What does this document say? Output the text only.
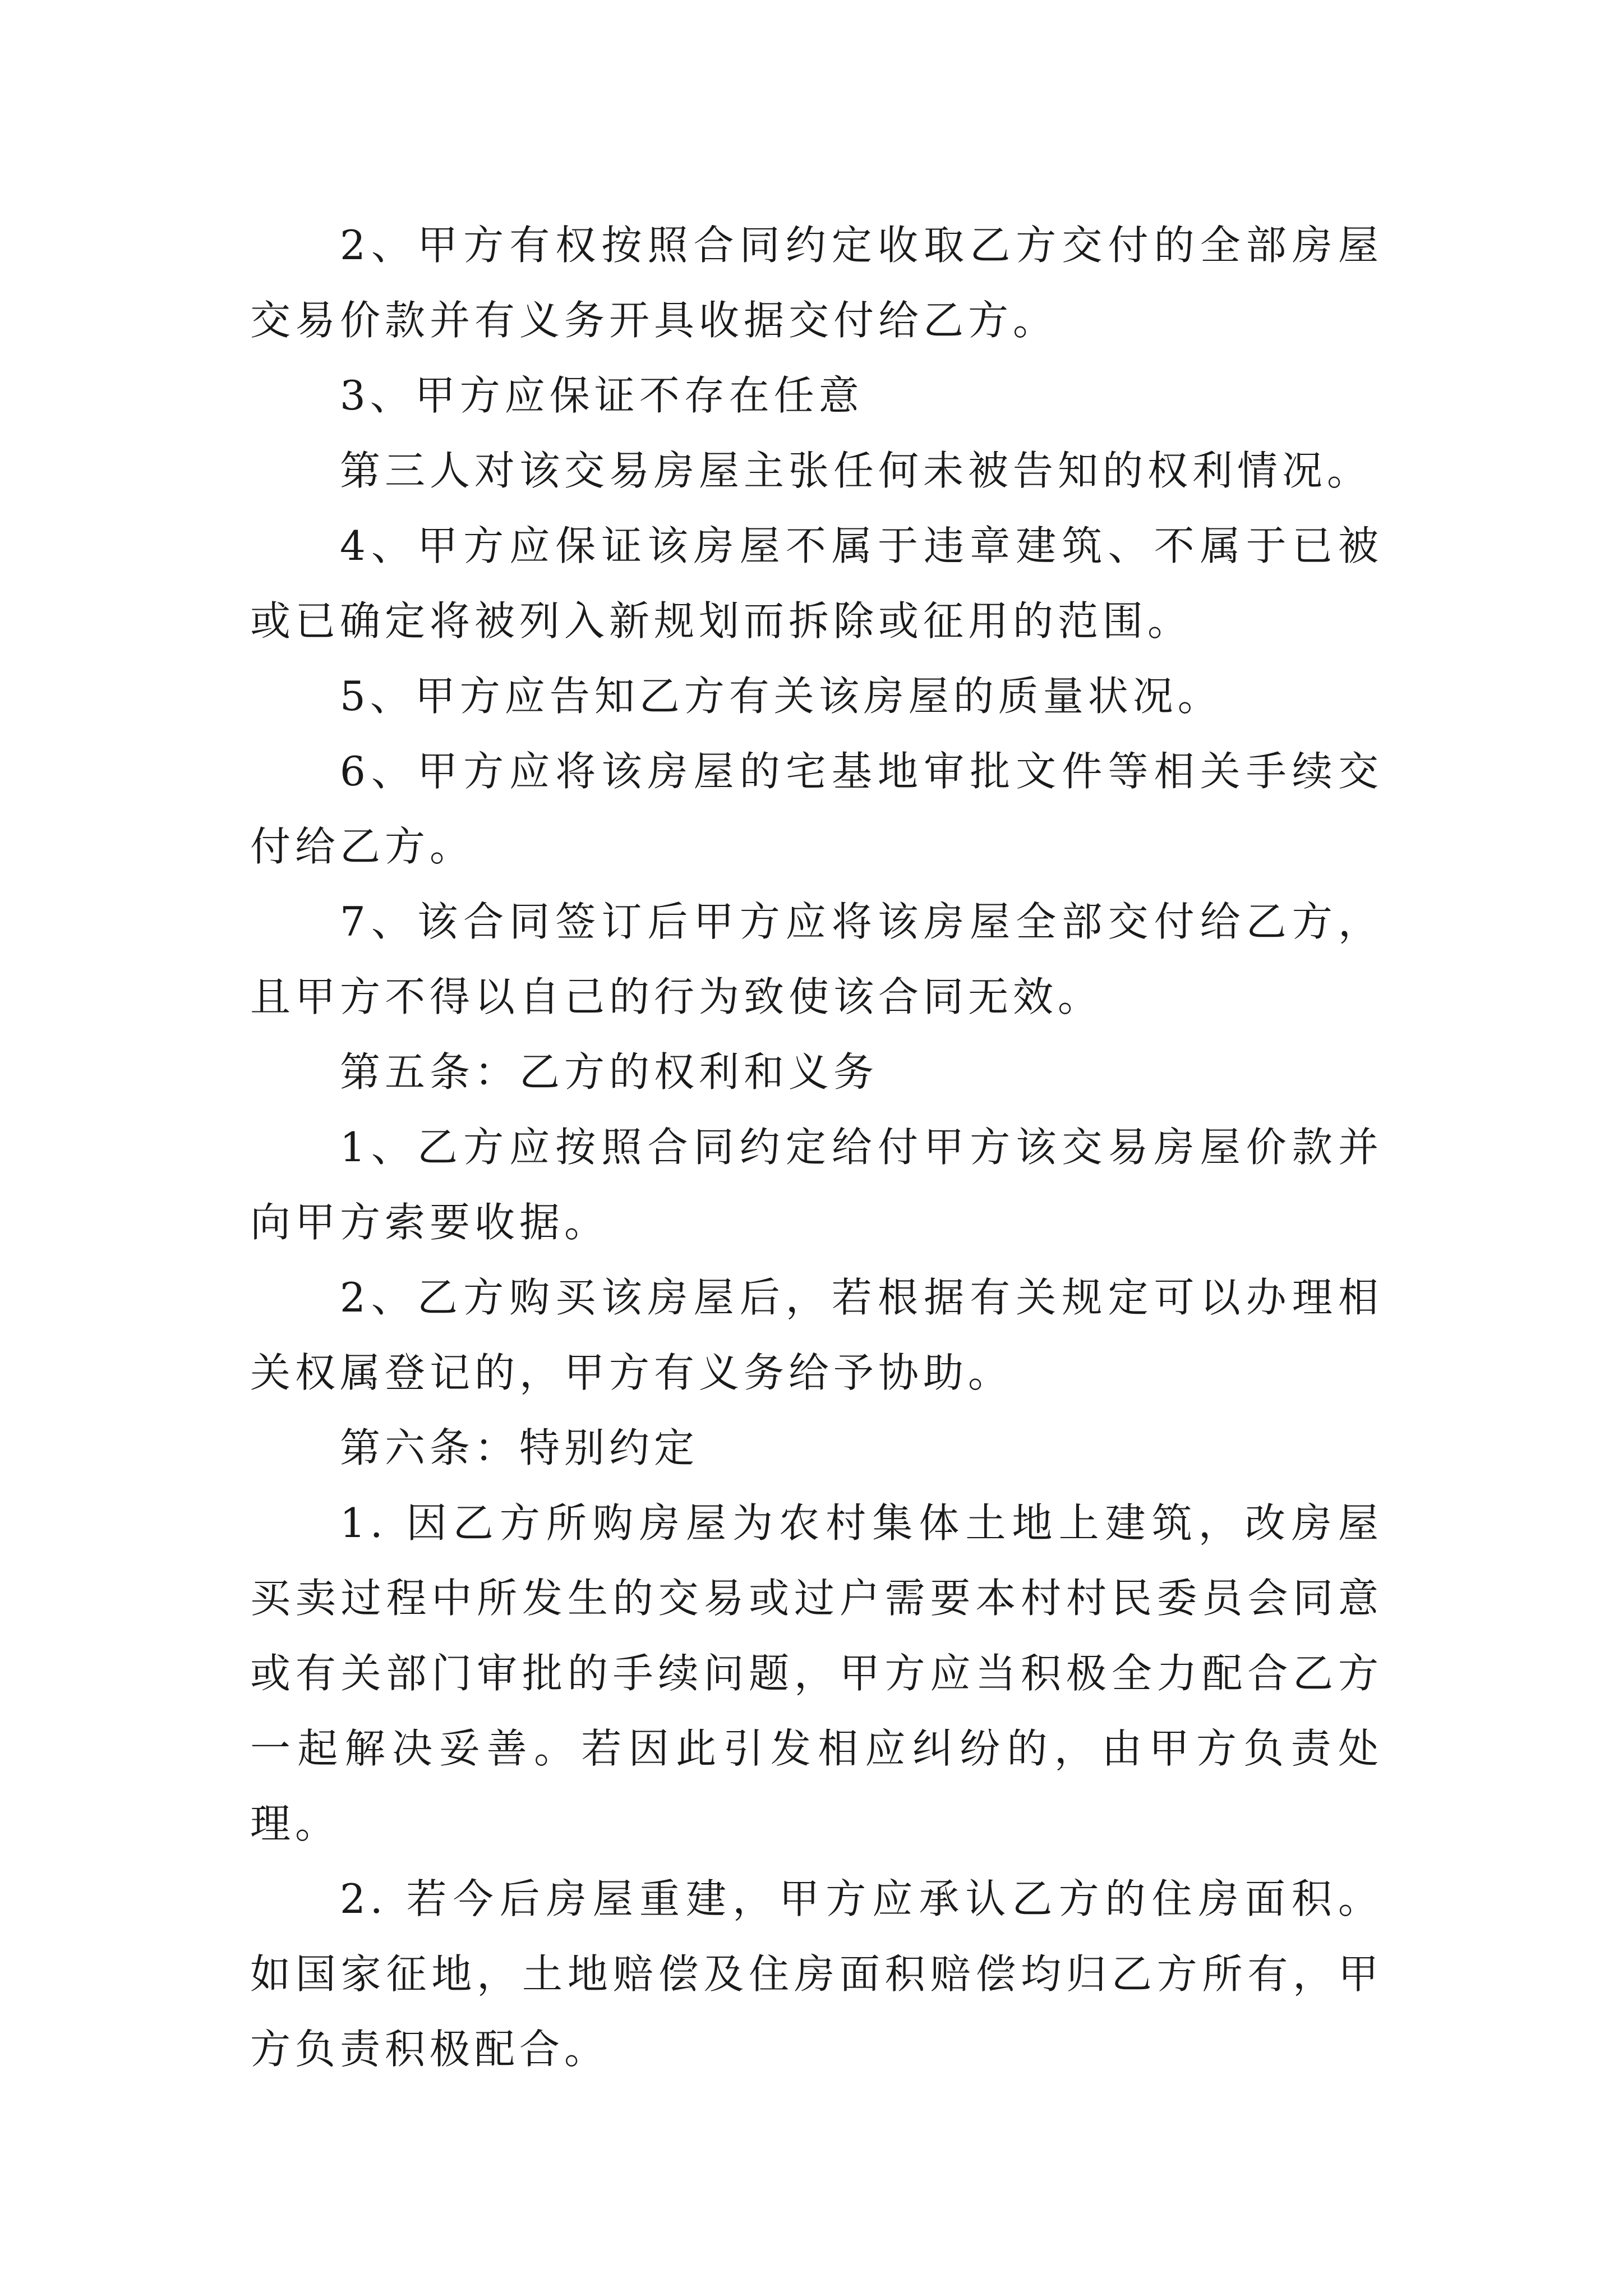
2、甲方有权按照合同约定收取乙方交付的全部房屋交易价款并有义务开具收据交付给乙方。

3、甲方应保证不存在任意

第三人对该交易房屋主张任何未被告知的权利情况。

4、甲方应保证该房屋不属于违章建筑、不属于已被或已确定将被列入新规划而拆除或征用的范围。

5、甲方应告知乙方有关该房屋的质量状况。

6、甲方应将该房屋的宅基地审批文件等相关手续交付给乙方。

7、该合同签订后甲方应将该房屋全部交付给乙方，且甲方不得以自己的行为致使该合同无效。

第五条：乙方的权利和义务

1、乙方应按照合同约定给付甲方该交易房屋价款并向甲方索要收据。

2、乙方购买该房屋后，若根据有关规定可以办理相关权属登记的，甲方有义务给予协助。

第六条：特别约定

1. 因乙方所购房屋为农村集体土地上建筑，改房屋买卖过程中所发生的交易或过户需要本村村民委员会同意或有关部门审批的手续问题，甲方应当积极全力配合乙方一起解决妥善。若因此引发相应纠纷的，由甲方负责处理。

2. 若今后房屋重建，甲方应承认乙方的住房面积。如国家征地，土地赔偿及住房面积赔偿均归乙方所有，甲方负责积极配合。
